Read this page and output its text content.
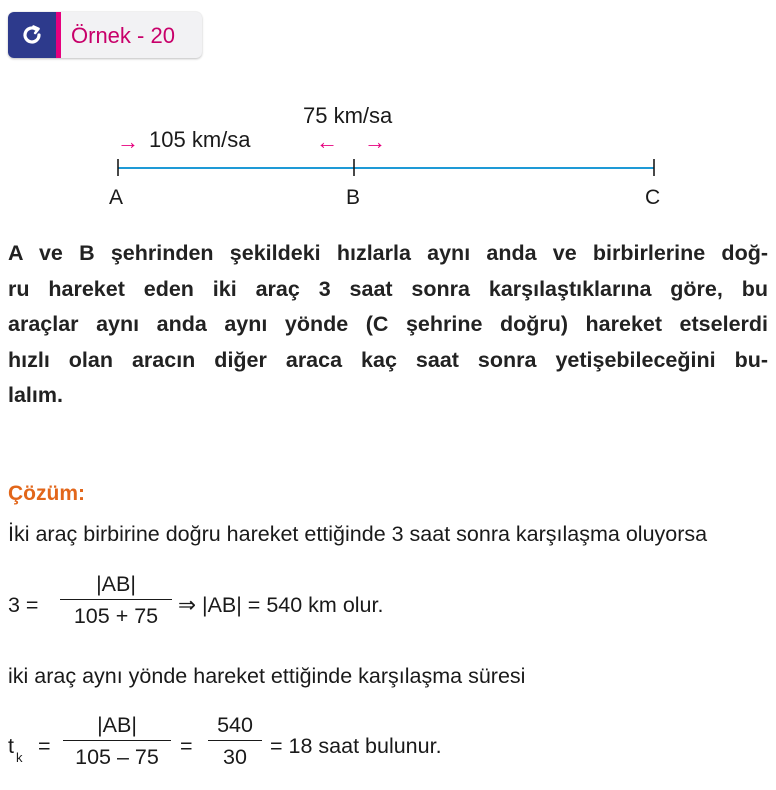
Örnek - 20
→ 105 km/sa
75 km/sa
← →
A	B	C
A ve B şehrinden şekildeki hızlarla aynı anda ve birbirlerine doğ-
ru hareket eden iki araç 3 saat sonra karşılaştıklarına göre, bu
araçlar aynı anda aynı yönde (C şehrine doğru) hareket etselerdi
hızlı olan aracın diğer araca kaç saat sonra yetişebileceğini bu-
lalım.
Çözüm:
İki araç birbirine doğru hareket ettiğinde 3 saat sonra karşılaşma oluyorsa
$3 = \frac{|AB|}{105 + 75}$ ⇒ |AB| = 540 km olur.
iki araç aynı yönde hareket ettiğinde karşılaşma süresi
t $k = \frac{|AB|}{105 - 75} = \frac{540}{30} = 18$ saat bulunur.
